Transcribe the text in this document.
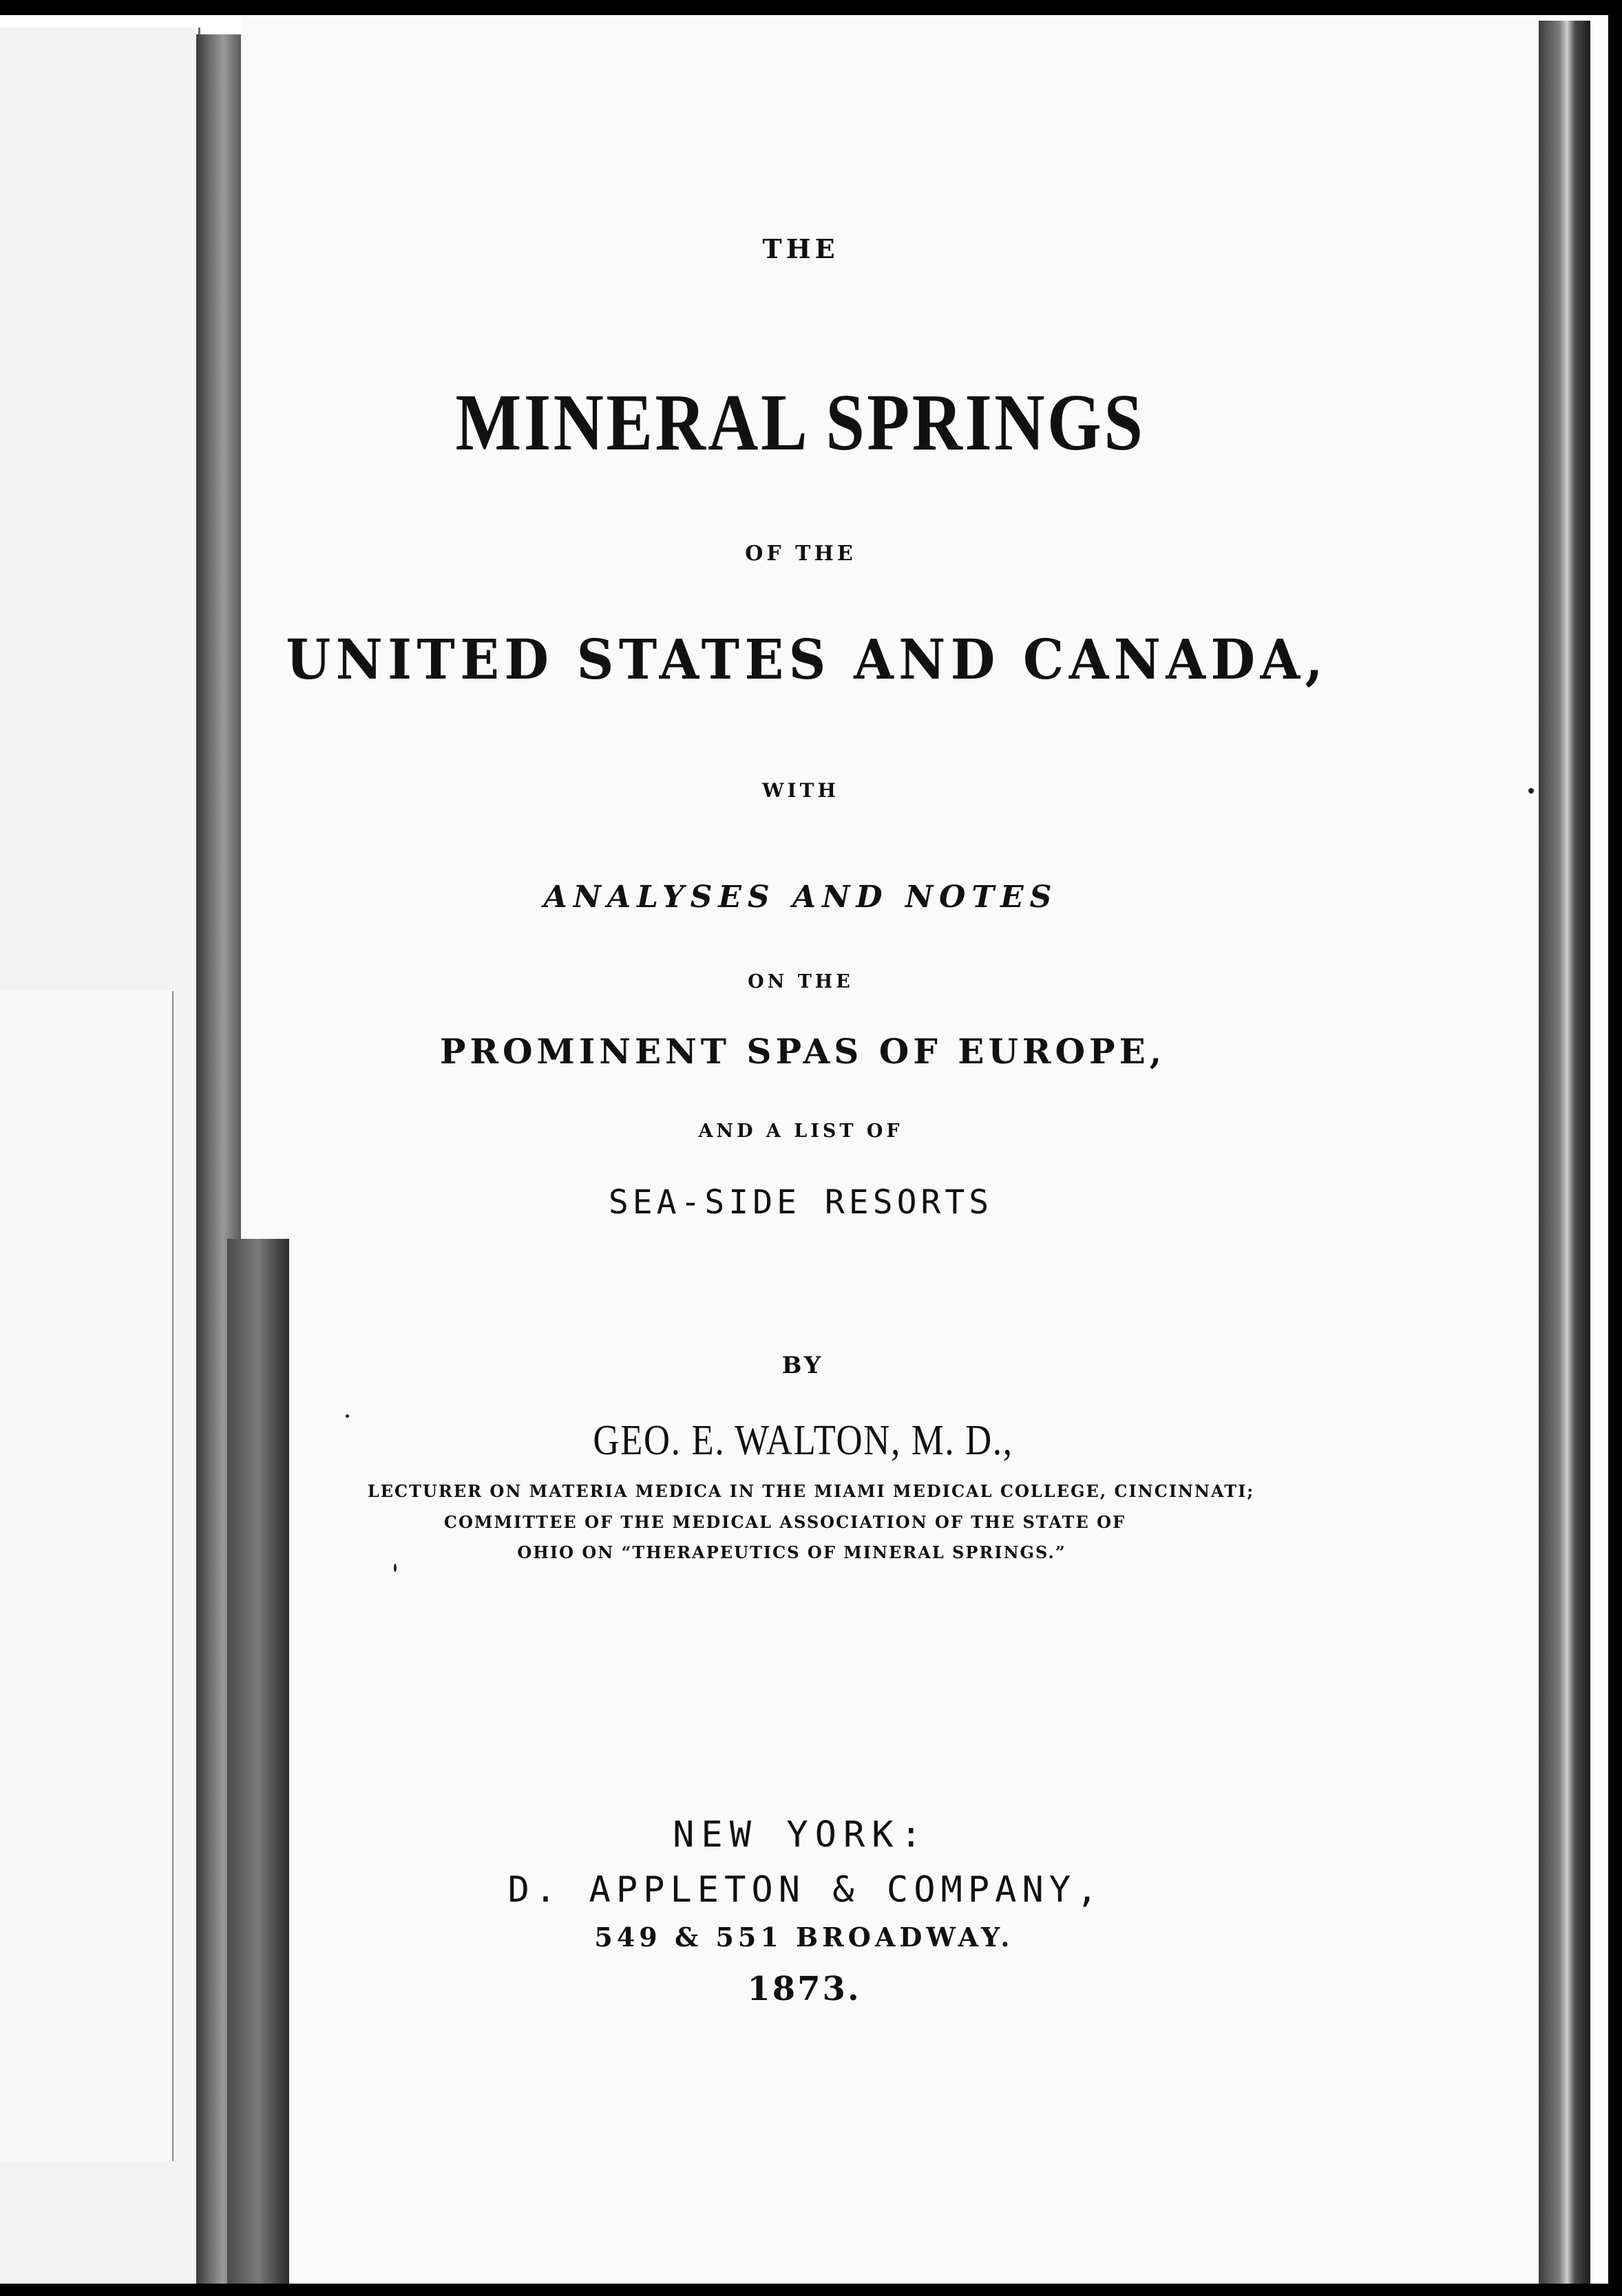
THE
MINERAL SPRINGS
OF THE
UNITED STATES AND CANADA,
WITH
ANALYSES AND NOTES
ON THE
PROMINENT SPAS OF EUROPE,
AND A LIST OF
SEA-SIDE RESORTS
BY
GEO. E. WALTON, M. D.,
LECTURER ON MATERIA MEDICA IN THE MIAMI MEDICAL COLLEGE, CINCINNATI;
COMMITTEE OF THE MEDICAL ASSOCIATION OF THE STATE OF
OHIO ON “THERAPEUTICS OF MINERAL SPRINGS.”
NEW YORK:
D. APPLETON & COMPANY,
549 & 551 BROADWAY.
1873.
